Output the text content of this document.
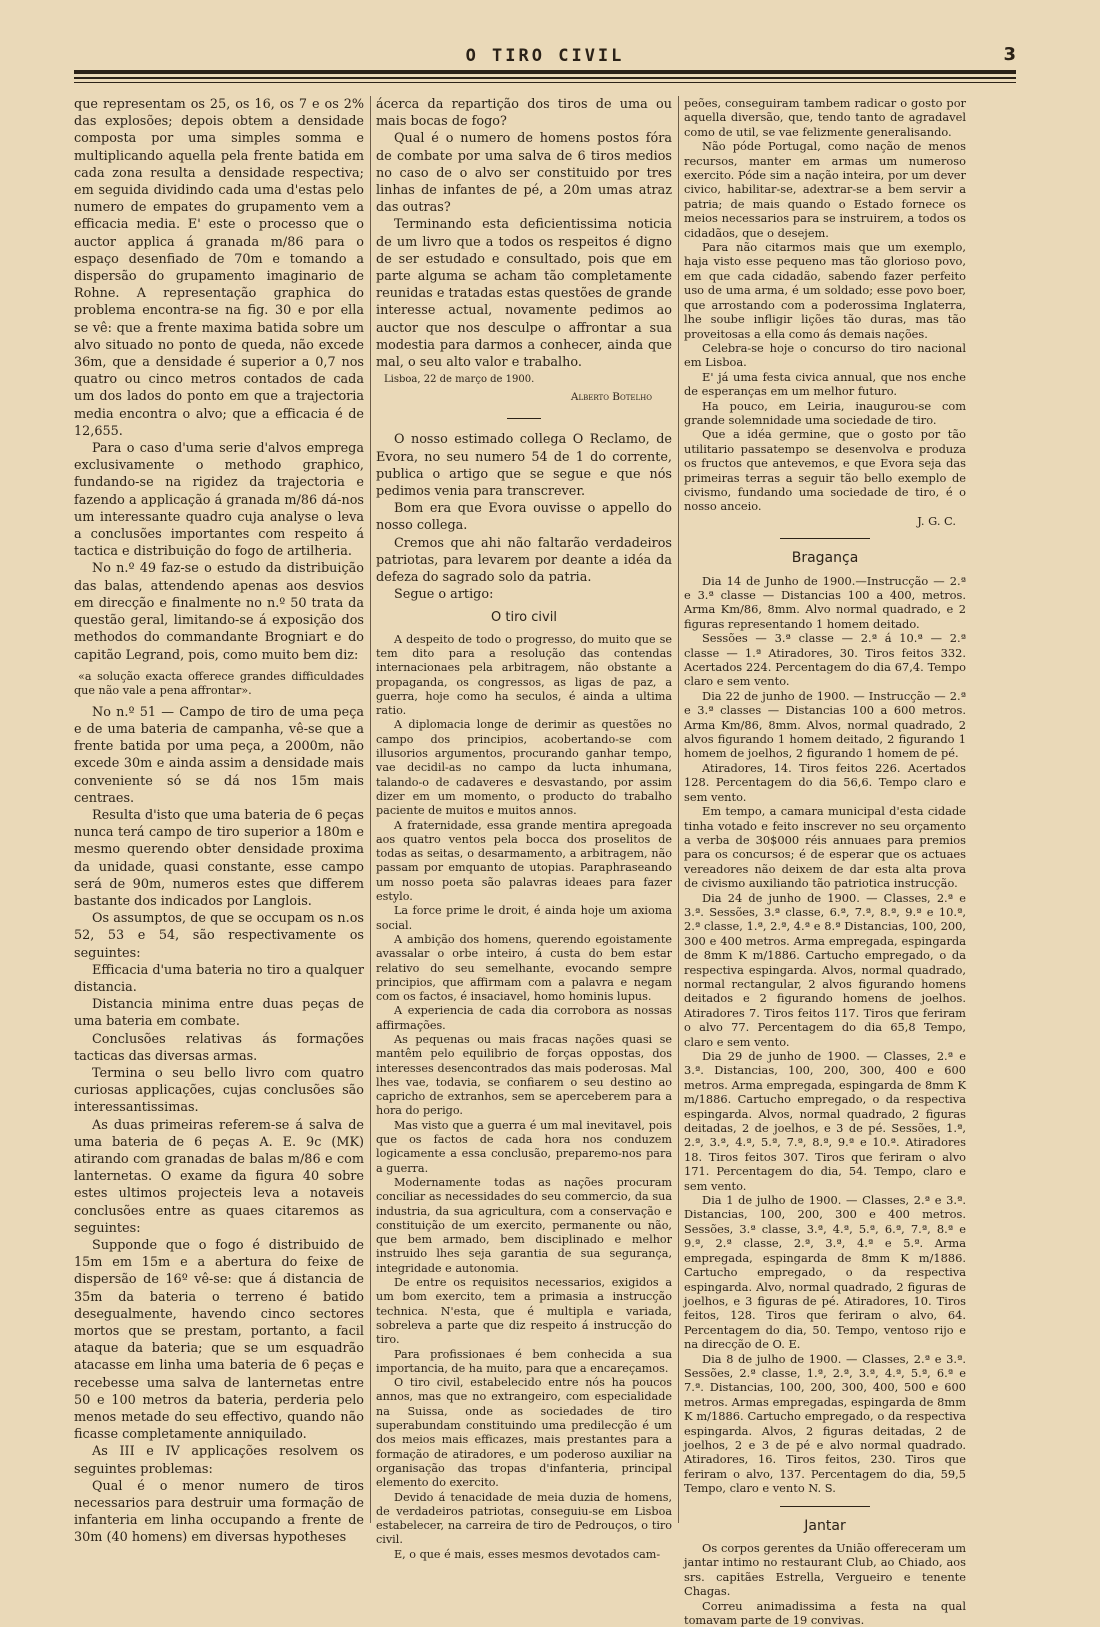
O TIRO CIVIL	3

que representam os 25, os 16, os 7 e os 2% das explosões; depois obtem a densidade composta por uma simples somma e multiplicando aquella pela frente batida em cada zona resulta a densidade respectiva; em seguida dividindo cada uma d'estas pelo numero de empates do grupamento vem a efficacia media. E' este o processo que o auctor applica á granada m/86 para o espaço desenfiado de 70m e tomando a dispersão do grupamento imaginario de Rohne. A representação graphica do problema encontra-se na fig. 30 e por ella se vê: que a frente maxima batida sobre um alvo situado no ponto de queda, não excede 36m, que a densidade é superior a 0,7 nos quatro ou cinco metros contados de cada um dos lados do ponto em que a trajectoria media encontra o alvo; que a efficacia é de 12,655.

Para o caso d'uma serie d'alvos emprega exclusivamente o methodo graphico, fundando-se na rigidez da trajectoria e fazendo a applicação á granada m/86 dá-nos um interessante quadro cuja analyse o leva a conclusões importantes com respeito á tactica e distribuição do fogo de artilheria.

No n.º 49 faz-se o estudo da distribuição das balas, attendendo apenas aos desvios em direcção e finalmente no n.º 50 trata da questão geral, limitando-se á exposição dos methodos do commandante Brogniart e do capitão Legrand, pois, como muito bem diz:

«a solução exacta offerece grandes difficuldades que não vale a pena affrontar».

No n.º 51 — Campo de tiro de uma peça e de uma bateria de campanha, vê-se que a frente batida por uma peça, a 2000m, não excede 30m e ainda assim a densidade mais conveniente só se dá nos 15m mais centraes.

Resulta d'isto que uma bateria de 6 peças nunca terá campo de tiro superior a 180m e mesmo querendo obter densidade proxima da unidade, quasi constante, esse campo será de 90m, numeros estes que differem bastante dos indicados por Langlois.

Os assumptos, de que se occupam os n.os 52, 53 e 54, são respectivamente os seguintes:

Efficacia d'uma bateria no tiro a qualquer distancia.

Distancia minima entre duas peças de uma bateria em combate.

Conclusões relativas ás formações tacticas das diversas armas.

Termina o seu bello livro com quatro curiosas applicações, cujas conclusões são interessantissimas.

As duas primeiras referem-se á salva de uma bateria de 6 peças A. E. 9c (MK) atirando com granadas de balas m/86 e com lanternetas. O exame da figura 40 sobre estes ultimos projecteis leva a notaveis conclusões entre as quaes citaremos as seguintes:

Supponde que o fogo é distribuido de 15m em 15m e a abertura do feixe de dispersão de 16º vê-se: que á distancia de 35m da bateria o terreno é batido desegualmente, havendo cinco sectores mortos que se prestam, portanto, a facil ataque da bateria; que se um esquadrão atacasse em linha uma bateria de 6 peças e recebesse uma salva de lanternetas entre 50 e 100 metros da bateria, perderia pelo menos metade do seu effectivo, quando não ficasse completamente anniquilado.

As III e IV applicações resolvem os seguintes problemas:

Qual é o menor numero de tiros necessarios para destruir uma formação de infanteria em linha occupando a frente de 30m (40 homens) em diversas hypotheses

ácerca da repartição dos tiros de uma ou mais bocas de fogo?

Qual é o numero de homens postos fóra de combate por uma salva de 6 tiros medios no caso de o alvo ser constituido por tres linhas de infantes de pé, a 20m umas atraz das outras?

Terminando esta deficientissima noticia de um livro que a todos os respeitos é digno de ser estudado e consultado, pois que em parte alguma se acham tão completamente reunidas e tratadas estas questões de grande interesse actual, novamente pedimos ao auctor que nos desculpe o affrontar a sua modestia para darmos a conhecer, ainda que mal, o seu alto valor e trabalho.

Lisboa, 22 de março de 1900.

Alberto Botelho

O nosso estimado collega O Reclamo, de Evora, no seu numero 54 de 1 do corrente, publica o artigo que se segue e que nós pedimos venia para transcrever.

Bom era que Evora ouvisse o appello do nosso collega.

Cremos que ahi não faltarão verdadeiros patriotas, para levarem por deante a idéa da defeza do sagrado solo da patria.

Segue o artigo:

O tiro civil

A despeito de todo o progresso, do muito que se tem dito para a resolução das contendas internacionaes pela arbitragem, não obstante a propaganda, os congressos, as ligas de paz, a guerra, hoje como ha seculos, é ainda a ultima ratio.

A diplomacia longe de derimir as questões no campo dos principios, acobertando-se com illusorios argumentos, procurando ganhar tempo, vae decidil-as no campo da lucta inhumana, talando-o de cadaveres e desvastando, por assim dizer em um momento, o producto do trabalho paciente de muitos e muitos annos.

A fraternidade, essa grande mentira apregoada aos quatro ventos pela bocca dos proselitos de todas as seitas, o desarmamento, a arbitragem, não passam por emquanto de utopias. Paraphraseando um nosso poeta são palavras ideaes para fazer estylo.

La force prime le droit, é ainda hoje um axioma social.

A ambição dos homens, querendo egoistamente avassalar o orbe inteiro, á custa do bem estar relativo do seu semelhante, evocando sempre principios, que affirmam com a palavra e negam com os factos, é insaciavel, homo hominis lupus.

A experiencia de cada dia corrobora as nossas affirmações.

As pequenas ou mais fracas nações quasi se mantêm pelo equilibrio de forças oppostas, dos interesses desencontrados das mais poderosas. Mal lhes vae, todavia, se confiarem o seu destino ao capricho de extranhos, sem se aperceberem para a hora do perigo.

Mas visto que a guerra é um mal inevitavel, pois que os factos de cada hora nos conduzem logicamente a essa conclusão, preparemo-nos para a guerra.

Modernamente todas as nações procuram conciliar as necessidades do seu commercio, da sua industria, da sua agricultura, com a conservação e constituição de um exercito, permanente ou não, que bem armado, bem disciplinado e melhor instruido lhes seja garantia de sua segurança, integridade e autonomia.

De entre os requisitos necessarios, exigidos a um bom exercito, tem a primasia a instrucção technica. N'esta, que é multipla e variada, sobreleva a parte que diz respeito á instrucção do tiro.

Para profissionaes é bem conhecida a sua importancia, de ha muito, para que a encareçamos.

O tiro civil, estabelecido entre nós ha poucos annos, mas que no extrangeiro, com especialidade na Suissa, onde as sociedades de tiro superabundam constituindo uma predilecção é um dos meios mais efficazes, mais prestantes para a formação de atiradores, e um poderoso auxiliar na organisação das tropas d'infanteria, principal elemento do exercito.

Devido á tenacidade de meia duzia de homens, de verdadeiros patriotas, conseguiu-se em Lisboa estabelecer, na carreira de tiro de Pedrouços, o tiro civil.

E, o que é mais, esses mesmos devotados cam-

peões, conseguiram tambem radicar o gosto por aquella diversão, que, tendo tanto de agradavel como de util, se vae felizmente generalisando.

Não póde Portugal, como nação de menos recursos, manter em armas um numeroso exercito. Póde sim a nação inteira, por um dever civico, habilitar-se, adextrar-se a bem servir a patria; de mais quando o Estado fornece os meios necessarios para se instruirem, a todos os cidadãos, que o desejem.

Para não citarmos mais que um exemplo, haja visto esse pequeno mas tão glorioso povo, em que cada cidadão, sabendo fazer perfeito uso de uma arma, é um soldado; esse povo boer, que arrostando com a poderossima Inglaterra, lhe soube infligir lições tão duras, mas tão proveitosas a ella como ás demais nações.

Celebra-se hoje o concurso do tiro nacional em Lisboa.

E' já uma festa civica annual, que nos enche de esperanças em um melhor futuro.

Ha pouco, em Leiria, inaugurou-se com grande solemnidade uma sociedade de tiro.

Que a idéa germine, que o gosto por tão utilitario passatempo se desenvolva e produza os fructos que antevemos, e que Evora seja das primeiras terras a seguir tão bello exemplo de civismo, fundando uma sociedade de tiro, é o nosso anceio.

J. G. C.

Bragança

Dia 14 de Junho de 1900.—Instrucção — 2.ª e 3.ª classe — Distancias 100 a 400, metros. Arma Km/86, 8mm. Alvo normal quadrado, e 2 figuras representando 1 homem deitado.

Sessões — 3.ª classe — 2.ª á 10.ª — 2.ª classe — 1.ª Atiradores, 30. Tiros feitos 332. Acertados 224. Percentagem do dia 67,4. Tempo claro e sem vento.

Dia 22 de junho de 1900. — Instrucção — 2.ª e 3.ª classes — Distancias 100 a 600 metros. Arma Km/86, 8mm. Alvos, normal quadrado, 2 alvos figurando 1 homem deitado, 2 figurando 1 homem de joelhos, 2 figurando 1 homem de pé.

Atiradores, 14. Tiros feitos 226. Acertados 128. Percentagem do dia 56,6. Tempo claro e sem vento.

Em tempo, a camara municipal d'esta cidade tinha votado e feito inscrever no seu orçamento a verba de 30$000 réis annuaes para premios para os concursos; é de esperar que os actuaes vereadores não deixem de dar esta alta prova de civismo auxiliando tão patriotica instrucção.

Dia 24 de junho de 1900. — Classes, 2.ª e 3.ª. Sessões, 3.ª classe, 6.ª, 7.ª, 8.ª, 9.ª e 10.ª, 2.ª classe, 1.ª, 2.ª, 4.ª e 8.ª Distancias, 100, 200, 300 e 400 metros. Arma empregada, espingarda de 8mm K m/1886. Cartucho empregado, o da respectiva espingarda. Alvos, normal quadrado, normal rectangular, 2 alvos figurando homens deitados e 2 figurando homens de joelhos. Atiradores 7. Tiros feitos 117. Tiros que feriram o alvo 77. Percentagem do dia 65,8 Tempo, claro e sem vento.

Dia 29 de junho de 1900. — Classes, 2.ª e 3.ª. Distancias, 100, 200, 300, 400 e 600 metros. Arma empregada, espingarda de 8mm K m/1886. Cartucho empregado, o da respectiva espingarda. Alvos, normal quadrado, 2 figuras deitadas, 2 de joelhos, e 3 de pé. Sessões, 1.ª, 2.ª, 3.ª, 4.ª, 5.ª, 7.ª, 8.ª, 9.ª e 10.ª. Atiradores 18. Tiros feitos 307. Tiros que feriram o alvo 171. Percentagem do dia, 54. Tempo, claro e sem vento.

Dia 1 de julho de 1900. — Classes, 2.ª e 3.ª. Distancias, 100, 200, 300 e 400 metros. Sessões, 3.ª classe, 3.ª, 4.ª, 5.ª, 6.ª, 7.ª, 8.ª e 9.ª, 2.ª classe, 2.ª, 3.ª, 4.ª e 5.ª. Arma empregada, espingarda de 8mm K m/1886. Cartucho empregado, o da respectiva espingarda. Alvo, normal quadrado, 2 figuras de joelhos, e 3 figuras de pé. Atiradores, 10. Tiros feitos, 128. Tiros que feriram o alvo, 64. Percentagem do dia, 50. Tempo, ventoso rijo e na direcção de O. E.

Dia 8 de julho de 1900. — Classes, 2.ª e 3.ª. Sessões, 2.ª classe, 1.ª, 2.ª, 3.ª, 4.ª, 5.ª, 6.ª e 7.ª. Distancias, 100, 200, 300, 400, 500 e 600 metros. Armas empregadas, espingarda de 8mm K m/1886. Cartucho empregado, o da respectiva espingarda. Alvos, 2 figuras deitadas, 2 de joelhos, 2 e 3 de pé e alvo normal quadrado. Atiradores, 16. Tiros feitos, 230. Tiros que feriram o alvo, 137. Percentagem do dia, 59,5 Tempo, claro e vento N. S.

Jantar

Os corpos gerentes da União offereceram um jantar intimo no restaurant Club, ao Chiado, aos srs. capitães Estrella, Vergueiro e tenente Chagas.

Correu animadissima a festa na qual tomavam parte de 19 convivas.
